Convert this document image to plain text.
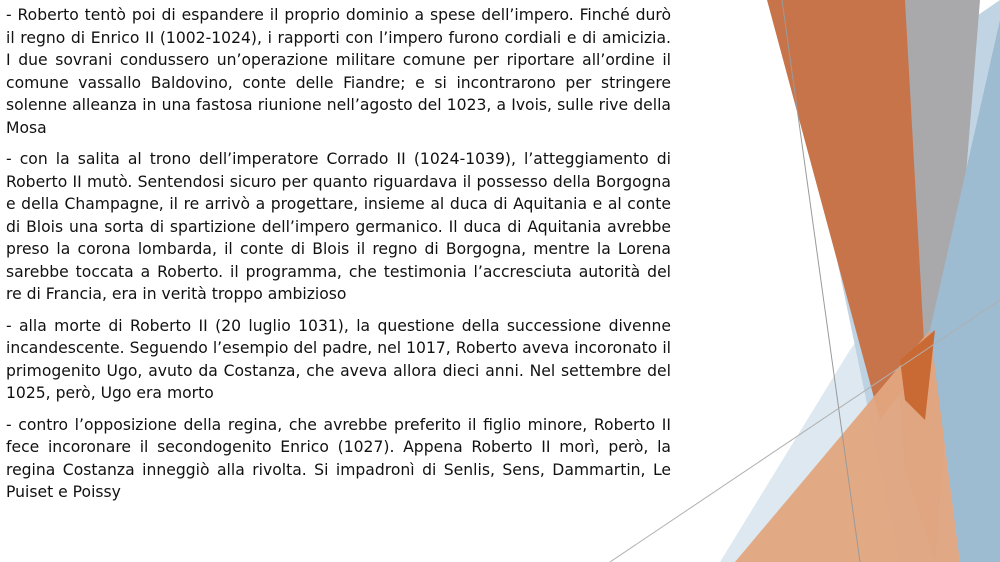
- Roberto tentò poi di espandere il proprio dominio a spese dell’impero. Finché durò il regno di Enrico II (1002-1024), i rapporti con l’impero furono cordiali e di amicizia. I due sovrani condussero un’operazione militare comune per riportare all’ordine il comune vassallo Baldovino, conte delle Fiandre; e si incontrarono per stringere solenne alleanza in una fastosa riunione nell’agosto del 1023, a Ivois, sulle rive della Mosa

- con la salita al trono dell’imperatore Corrado II (1024-1039), l’atteggiamento di Roberto II mutò. Sentendosi sicuro per quanto riguardava il possesso della Borgogna e della Champagne, il re arrivò a progettare, insieme al duca di Aquitania e al conte di Blois una sorta di spartizione dell’impero germanico. Il duca di Aquitania avrebbe preso la corona lombarda, il conte di Blois il regno di Borgogna, mentre la Lorena sarebbe toccata a Roberto. il programma, che testimonia l’accresciuta autorità del re di Francia, era in verità troppo ambizioso

- alla morte di Roberto II (20 luglio 1031), la questione della successione divenne incandescente. Seguendo l’esempio del padre, nel 1017, Roberto aveva incoronato il primogenito Ugo, avuto da Costanza, che aveva allora dieci anni. Nel settembre del 1025, però, Ugo era morto

- contro l’opposizione della regina, che avrebbe preferito il figlio minore, Roberto II fece incoronare il secondogenito Enrico (1027). Appena Roberto II morì, però, la regina Costanza inneggiò alla rivolta. Si impadronì di Senlis, Sens, Dammartin, Le Puiset e Poissy
